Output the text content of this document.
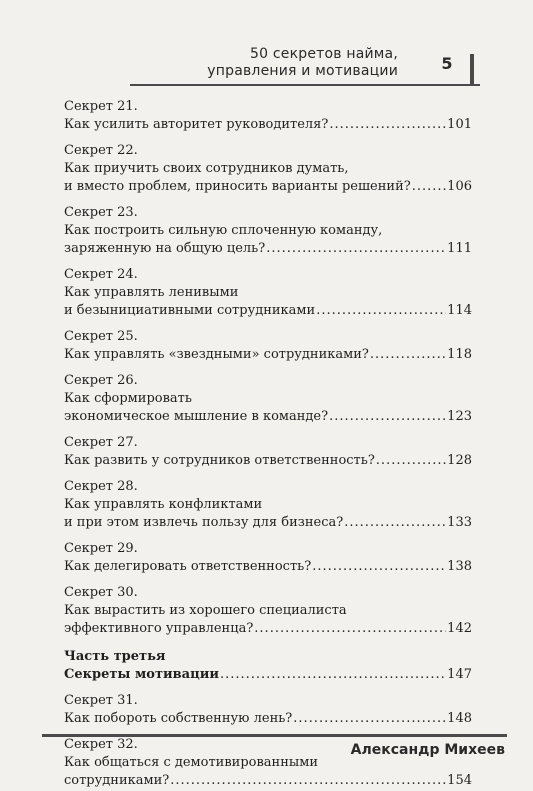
50 секретов найма,
управления и мотивации	5
Секрет 21.
Как усилить авторитет руководителя? .....	101
Секрет 22.
Как приучить своих сотрудников думать,
и вместо проблем, приносить варианты решений? .....	106
Секрет 23.
Как построить сильную сплоченную команду,
заряженную на общую цель? .....	111
Секрет 24.
Как управлять ленивыми
и безынициативными сотрудниками .....	114
Секрет 25.
Как управлять «звездными» сотрудниками? .....	118
Секрет 26.
Как сформировать
экономическое мышление в команде? .....	123
Секрет 27.
Как развить у сотрудников ответственность? .....	128
Секрет 28.
Как управлять конфликтами
и при этом извлечь пользу для бизнеса? .....	133
Секрет 29.
Как делегировать ответственность? .....	138
Секрет 30.
Как вырастить из хорошего специалиста
эффективного управленца? .....	142
Часть третья
Секреты мотивации .....	147
Секрет 31.
Как побороть собственную лень? .....	148
Секрет 32.
Как общаться с демотивированными
сотрудниками? .....	154
Александр Михеев
